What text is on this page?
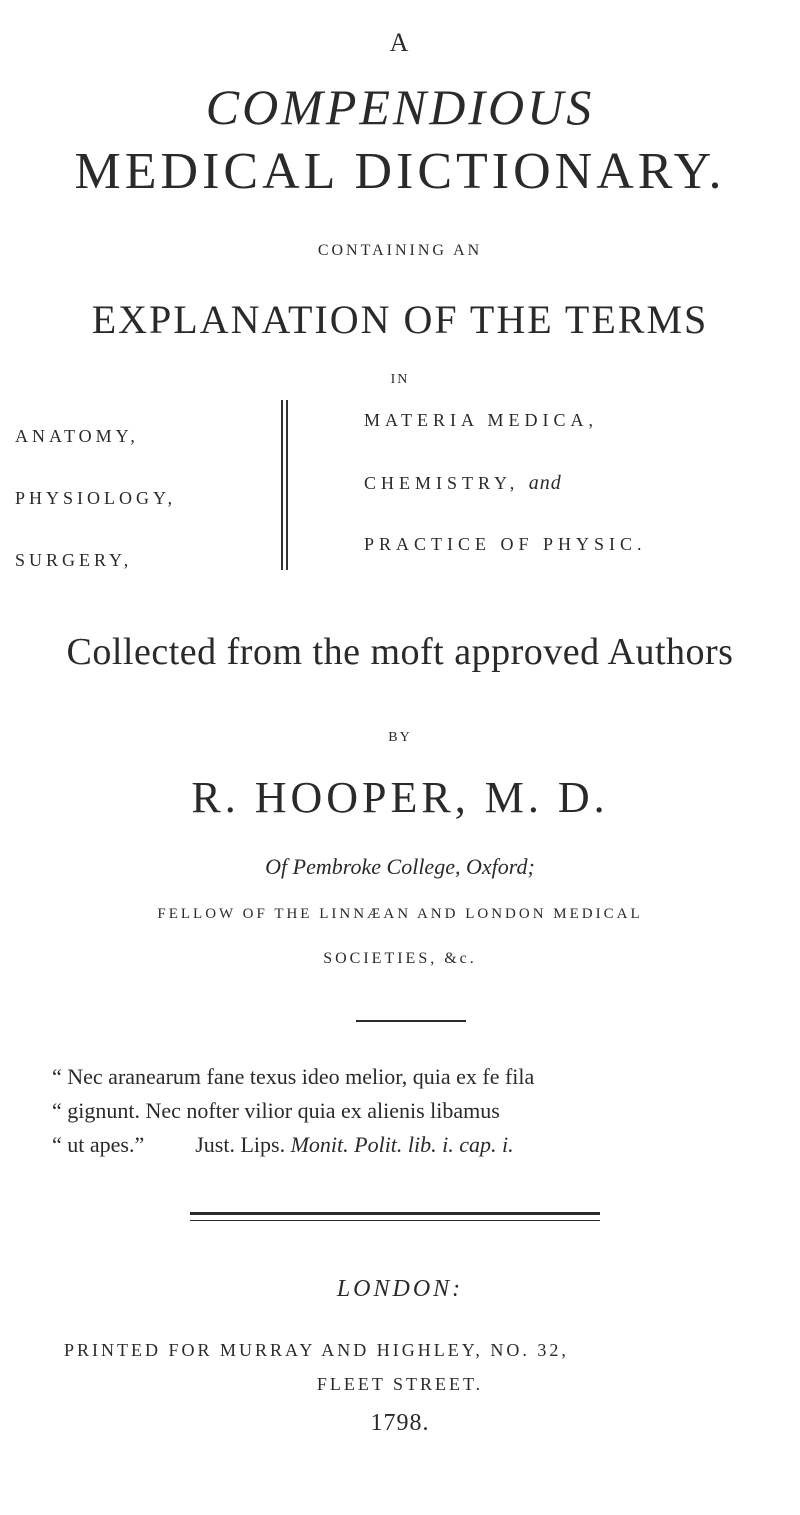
A
COMPENDIOUS
MEDICAL DICTIONARY.
CONTAINING AN
EXPLANATION OF THE TERMS
IN
ANATOMY,
PHYSIOLOGY,
SURGERY,
MATERIA MEDICA,
CHEMISTRY, and
PRACTICE OF PHYSIC.
Collected from the moft approved Authors
BY
R. HOOPER, M. D.
Of Pembroke College, Oxford;
FELLOW OF THE LINNÆAN AND LONDON MEDICAL
SOCIETIES, &c.
“ Nec aranearum fane texus ideo melior, quia ex fe fila
“ gignunt. Nec nofter vilior quia ex alienis libamus
“ ut apes.” Just. Lips. Monit. Polit. lib. i. cap. i.
LONDON:
PRINTED FOR MURRAY AND HIGHLEY, NO. 32,
FLEET STREET.
1798.
